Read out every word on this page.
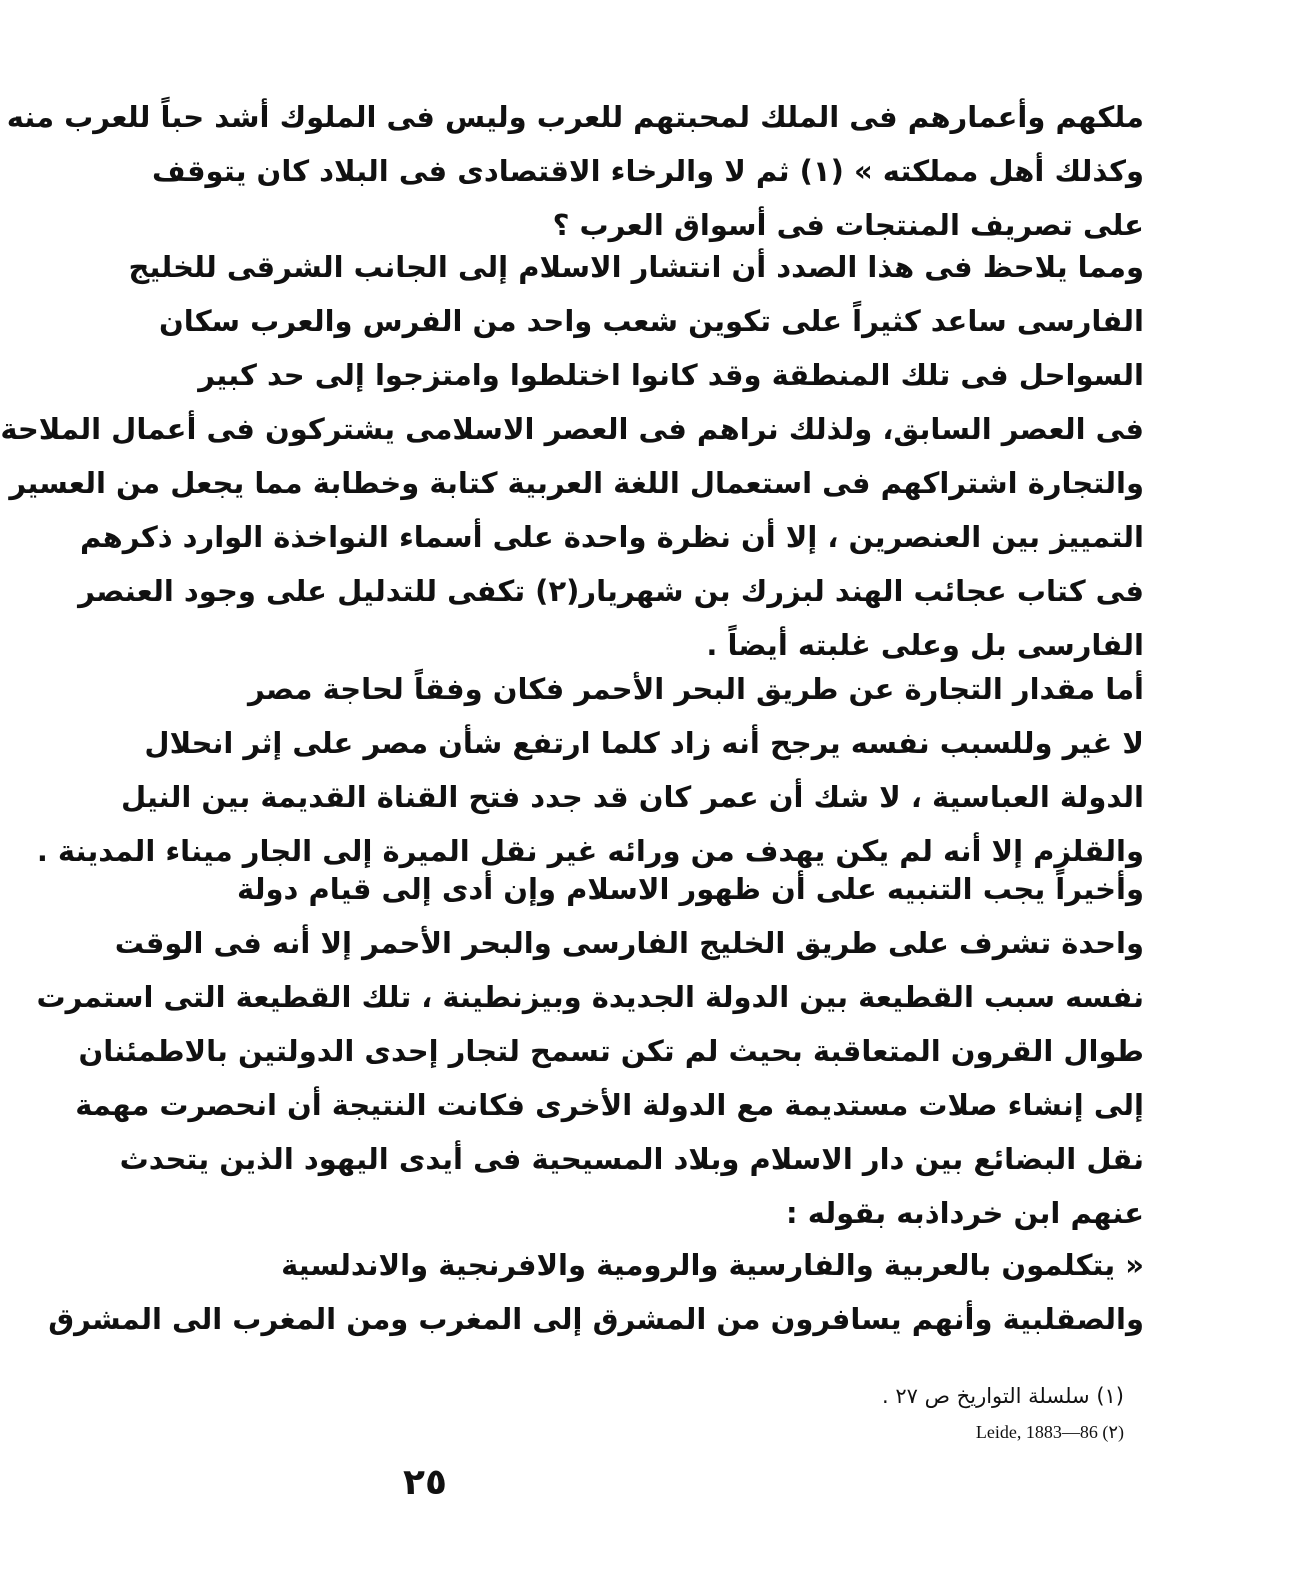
ملكهم وأعمارهم فى الملك لمحبتهم للعرب وليس فى الملوك أشد حباً للعرب منه
وكذلك أهل مملكته » (١) ثم لا والرخاء الاقتصادى فى البلاد كان يتوقف
على تصريف المنتجات فى أسواق العرب ؟
ومما يلاحظ فى هذا الصدد أن انتشار الاسلام إلى الجانب الشرقى للخليج
الفارسى ساعد كثيراً على تكوين شعب واحد من الفرس والعرب سكان
السواحل فى تلك المنطقة وقد كانوا اختلطوا وامتزجوا إلى حد كبير
فى العصر السابق، ولذلك نراهم فى العصر الاسلامى يشتركون فى أعمال الملاحة
والتجارة اشتراكهم فى استعمال اللغة العربية كتابة وخطابة مما يجعل من العسير
التمييز بين العنصرين ، إلا أن نظرة واحدة على أسماء النواخذة الوارد ذكرهم
فى كتاب عجائب الهند لبزرك بن شهريار(٢) تكفى للتدليل على وجود العنصر
الفارسى بل وعلى غلبته أيضاً .
أما مقدار التجارة عن طريق البحر الأحمر فكان وفقاً لحاجة مصر
لا غير وللسبب نفسه يرجح أنه زاد كلما ارتفع شأن مصر على إثر انحلال
الدولة العباسية ، لا شك أن عمر كان قد جدد فتح القناة القديمة بين النيل
والقلزم إلا أنه لم يكن يهدف من ورائه غير نقل الميرة إلى الجار ميناء المدينة .
وأخيراً يجب التنبيه على أن ظهور الاسلام وإن أدى إلى قيام دولة
واحدة تشرف على طريق الخليج الفارسى والبحر الأحمر إلا أنه فى الوقت
نفسه سبب القطيعة بين الدولة الجديدة وبيزنطينة ، تلك القطيعة التى استمرت
طوال القرون المتعاقبة بحيث لم تكن تسمح لتجار إحدى الدولتين بالاطمئنان
إلى إنشاء صلات مستديمة مع الدولة الأخرى فكانت النتيجة أن انحصرت مهمة
نقل البضائع بين دار الاسلام وبلاد المسيحية فى أيدى اليهود الذين يتحدث
عنهم ابن خرداذبه بقوله :
« يتكلمون بالعربية والفارسية والرومية والافرنجية والاندلسية
والصقلبية وأنهم يسافرون من المشرق إلى المغرب ومن المغرب الى المشرق
(١) سلسلة التواريخ ص ٢٧ .
Leide, 1883—86 (٢)
٢٥
